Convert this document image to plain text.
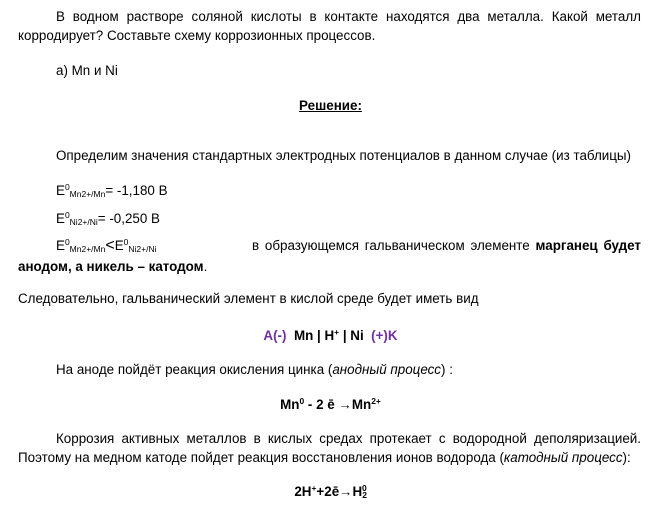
В водном растворе соляной кислоты в контакте находятся два металла. Какой металл
корродирует? Составьте схему коррозионных процессов.
а) Mn и Ni
Решение:
Определим значения стандартных электродных потенциалов в данном случае (из таблицы)
$E^0_{Mn2+/Mn}= -1,180$ В
$E^0_{Ni2+/Ni}= -0,250$ В
$E^0_{Mn2+/Mn}<E^0_{Ni2+/Ni}$	в образующемся гальваническом элементе марганец будет
анодом, а никель – катодом.
Следовательно, гальванический элемент в кислой среде будет иметь вид
A(-) Mn | H+ | Ni (+)K
На аноде пойдёт реакция окисления цинка (анодный процесс) :
Mn$^0$ - 2 ē $\to Mn^{2+}$
Коррозия активных металлов в кислых средах протекает с водородной деполяризацией.
Поэтому на медном катоде пойдет реакция восстановления ионов водорода (катодный процесс):
$2H^++2ē\to H_2^0$
